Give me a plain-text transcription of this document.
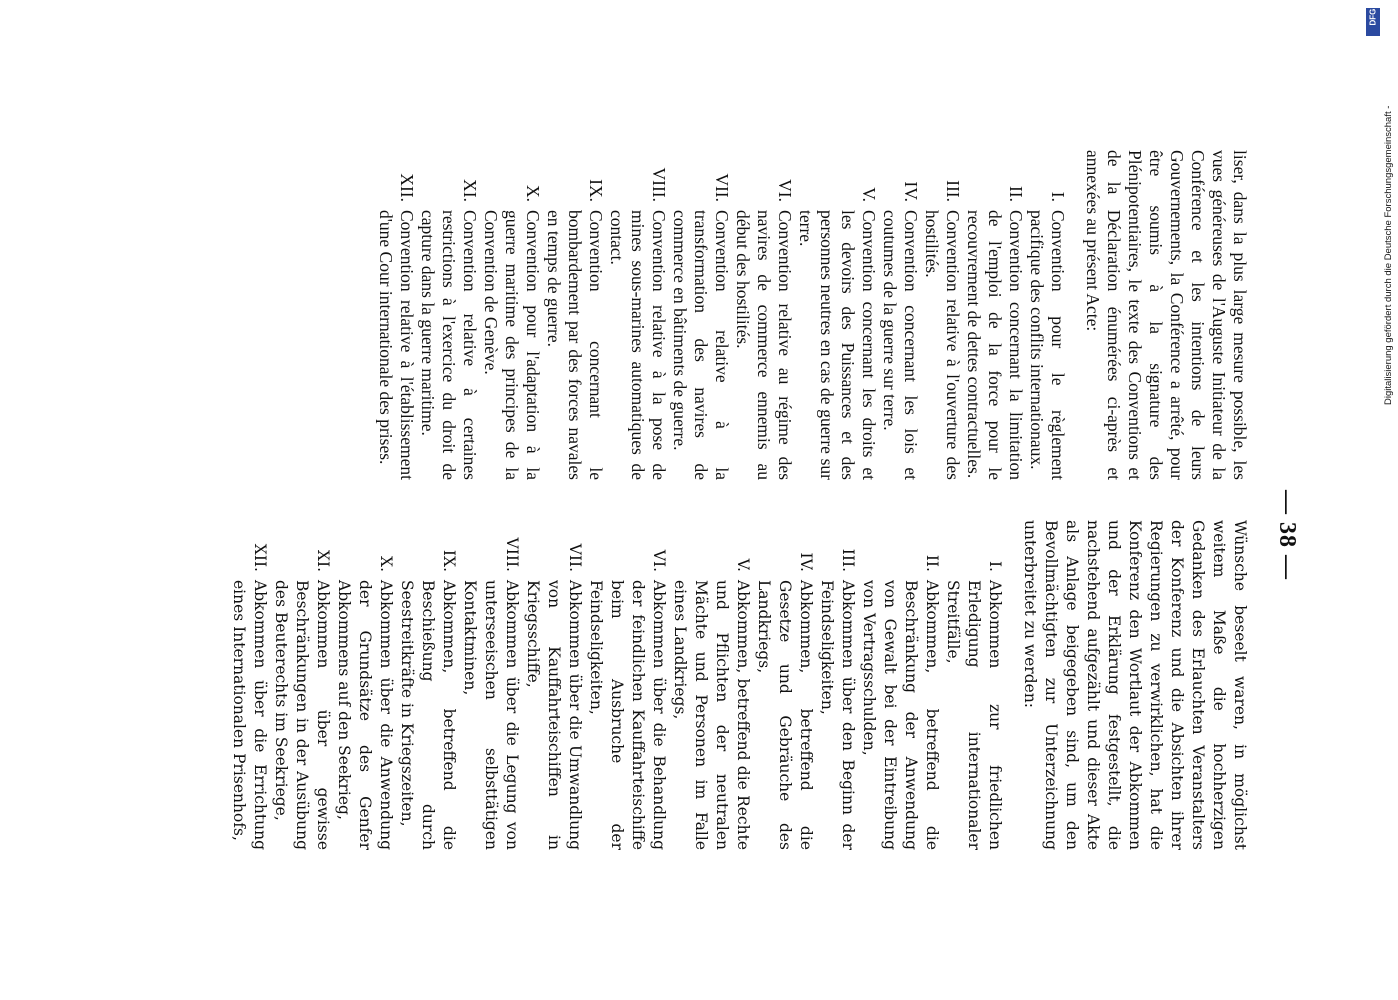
— 38 —

liser, dans la plus large mesure possible, les vues généreuses de l'Auguste Initiateur de la Conférence et les intentions de leurs Gouvernements, la Conférence a arrêté, pour être soumis à la signature des Plénipotentiaires, le texte des Conventions et de la Déclaration énumérées ci-après et annexées au présent Acte:

I.
Convention pour le règlement pacifique des conflits internationaux.
II.
Convention concernant la limitation de l'emploi de la force pour le recouvrement de dettes contractuelles.
III.
Convention relative à l'ouverture des hostilités.
IV.
Convention concernant les lois et coutumes de la guerre sur terre.
V.
Convention concernant les droits et les devoirs des Puissances et des personnes neutres en cas de guerre sur terre.
VI.
Convention relative au régime des navires de commerce ennemis au début des hostilités.
VII.
Convention relative à la transformation des navires de commerce en bâtiments de guerre.
VIII.
Convention relative à la pose de mines sous-marines automatiques de contact.
IX.
Convention concernant le bombardement par des forces navales en temps de guerre.
X.
Convention pour l'adaptation à la guerre maritime des principes de la Convention de Genève.
XI.
Convention relative à certaines restrictions à l'exercice du droit de capture dans la guerre maritime.
XII.
Convention relative à l'établissement d'une Cour internationale des prises.

Wünsche beseelt waren, in möglichst weitem Maße die hochherzigen Gedanken des Erlauchten Veranstalters der Konferenz und die Absichten ihrer Regierungen zu verwirklichen, hat die Konferenz den Wortlaut der Abkommen und der Erklärung festgestellt, die nachstehend aufgezählt und dieser Akte als Anlage beigegeben sind, um den Bevollmächtigten zur Unterzeichnung unterbreitet zu werden:

I.
Abkommen zur friedlichen Erledigung internationaler Streitfälle,
II.
Abkommen, betreffend die Beschränkung der Anwendung von Gewalt bei der Eintreibung von Vertragsschulden,
III.
Abkommen über den Beginn der Feindseligkeiten,
IV.
Abkommen, betreffend die Gesetze und Gebräuche des Landkriegs,
V.
Abkommen, betreffend die Rechte und Pflichten der neutralen Mächte und Personen im Falle eines Landkriegs,
VI.
Abkommen über die Behandlung der feindlichen Kauffahrteischiffe beim Ausbruche der Feindseligkeiten,
VII.
Abkommen über die Umwandlung von Kauffahrteischiffen in Kriegsschiffe,
VIII.
Abkommen über die Legung von unterseeischen selbsttätigen Kontaktminen,
IX.
Abkommen, betreffend die Beschießung durch Seestreitkräfte in Kriegszeiten,
X.
Abkommen über die Anwendung der Grundsätze des Genfer Abkommens auf den Seekrieg,
XI.
Abkommen über gewisse Beschränkungen in der Ausübung des Beuterechts im Seekriege,
XII.
Abkommen über die Errichtung eines Internationalen Prisenhofs,
DFG
Digitalisierung gefördert durch die Deutsche Forschungsgemeinschaft -
